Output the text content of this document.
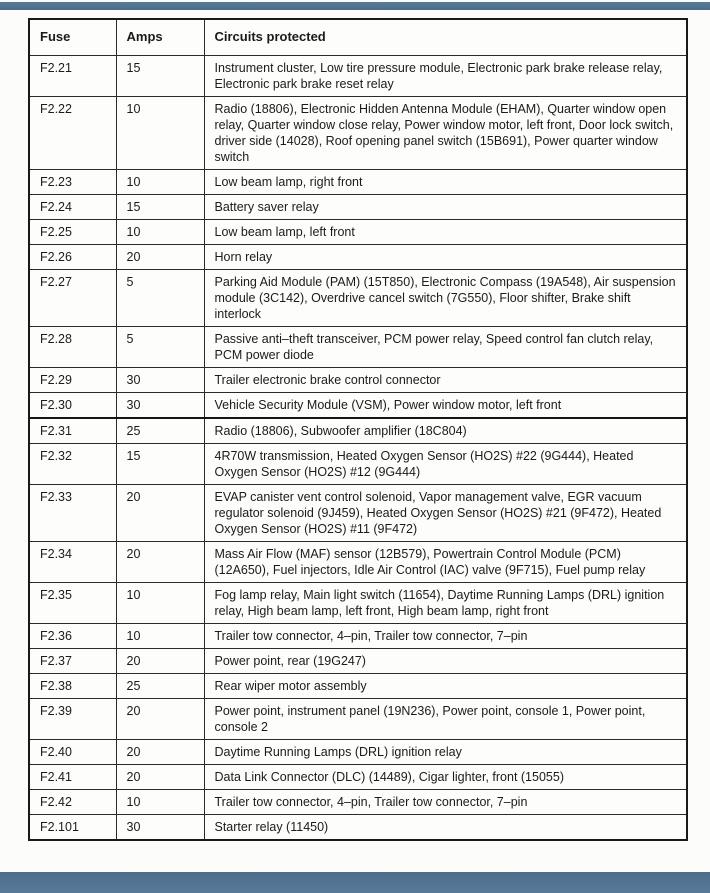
Fuse	Amps	Circuits protected
F2.21	15	Instrument cluster, Low tire pressure module, Electronic park brake release relay, Electronic park brake reset relay
F2.22	10	Radio (18806), Electronic Hidden Antenna Module (EHAM), Quarter window open relay, Quarter window close relay, Power window motor, left front, Door lock switch, driver side (14028), Roof opening panel switch (15B691), Power quarter window switch
F2.23	10	Low beam lamp, right front
F2.24	15	Battery saver relay
F2.25	10	Low beam lamp, left front
F2.26	20	Horn relay
F2.27	5	Parking Aid Module (PAM) (15T850), Electronic Compass (19A548), Air suspension module (3C142), Overdrive cancel switch (7G550), Floor shifter, Brake shift interlock
F2.28	5	Passive anti–theft transceiver, PCM power relay, Speed control fan clutch relay, PCM power diode
F2.29	30	Trailer electronic brake control connector
F2.30	30	Vehicle Security Module (VSM), Power window motor, left front
F2.31	25	Radio (18806), Subwoofer amplifier (18C804)
F2.32	15	4R70W transmission, Heated Oxygen Sensor (HO2S) #22 (9G444), Heated Oxygen Sensor (HO2S) #12 (9G444)
F2.33	20	EVAP canister vent control solenoid, Vapor management valve, EGR vacuum regulator solenoid (9J459), Heated Oxygen Sensor (HO2S) #21 (9F472), Heated Oxygen Sensor (HO2S) #11 (9F472)
F2.34	20	Mass Air Flow (MAF) sensor (12B579), Powertrain Control Module (PCM) (12A650), Fuel injectors, Idle Air Control (IAC) valve (9F715), Fuel pump relay
F2.35	10	Fog lamp relay, Main light switch (11654), Daytime Running Lamps (DRL) ignition relay, High beam lamp, left front, High beam lamp, right front
F2.36	10	Trailer tow connector, 4–pin, Trailer tow connector, 7–pin
F2.37	20	Power point, rear (19G247)
F2.38	25	Rear wiper motor assembly
F2.39	20	Power point, instrument panel (19N236), Power point, console 1, Power point, console 2
F2.40	20	Daytime Running Lamps (DRL) ignition relay
F2.41	20	Data Link Connector (DLC) (14489), Cigar lighter, front (15055)
F2.42	10	Trailer tow connector, 4–pin, Trailer tow connector, 7–pin
F2.101	30	Starter relay (11450)
